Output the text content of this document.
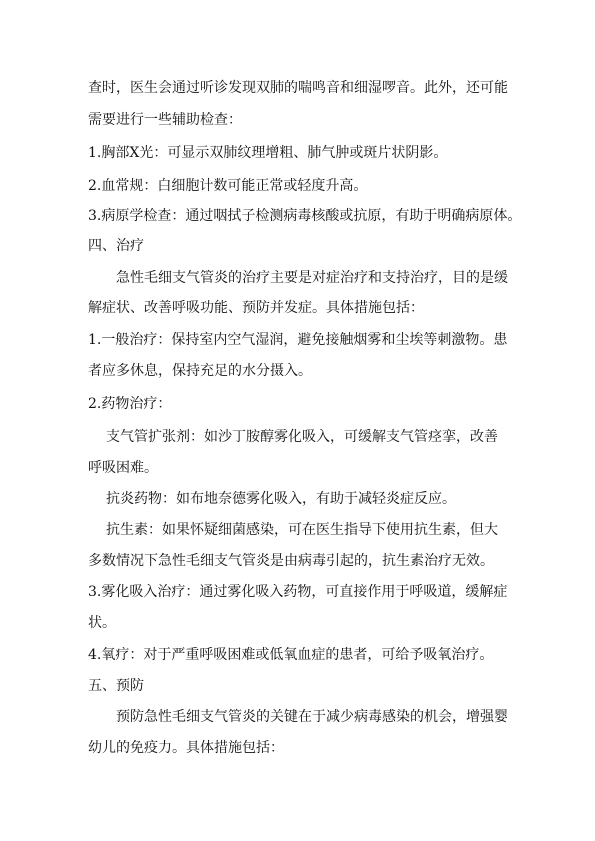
查时，医生会通过听诊发现双肺的喘鸣音和细湿啰音。此外，还可能
需要进行一些辅助检查：
1.胸部X光：可显示双肺纹理增粗、肺气肿或斑片状阴影。
2.血常规：白细胞计数可能正常或轻度升高。
3.病原学检查：通过咽拭子检测病毒核酸或抗原，有助于明确病原体。
四、治疗
急性毛细支气管炎的治疗主要是对症治疗和支持治疗，目的是缓
解症状、改善呼吸功能、预防并发症。具体措施包括：
1.一般治疗：保持室内空气湿润，避免接触烟雾和尘埃等刺激物。患
者应多休息，保持充足的水分摄入。
2.药物治疗：
支气管扩张剂：如沙丁胺醇雾化吸入，可缓解支气管痉挛，改善
呼吸困难。
抗炎药物：如布地奈德雾化吸入，有助于减轻炎症反应。
抗生素：如果怀疑细菌感染，可在医生指导下使用抗生素，但大
多数情况下急性毛细支气管炎是由病毒引起的，抗生素治疗无效。
3.雾化吸入治疗：通过雾化吸入药物，可直接作用于呼吸道，缓解症
状。
4.氧疗：对于严重呼吸困难或低氧血症的患者，可给予吸氧治疗。
五、预防
预防急性毛细支气管炎的关键在于减少病毒感染的机会，增强婴
幼儿的免疫力。具体措施包括：
